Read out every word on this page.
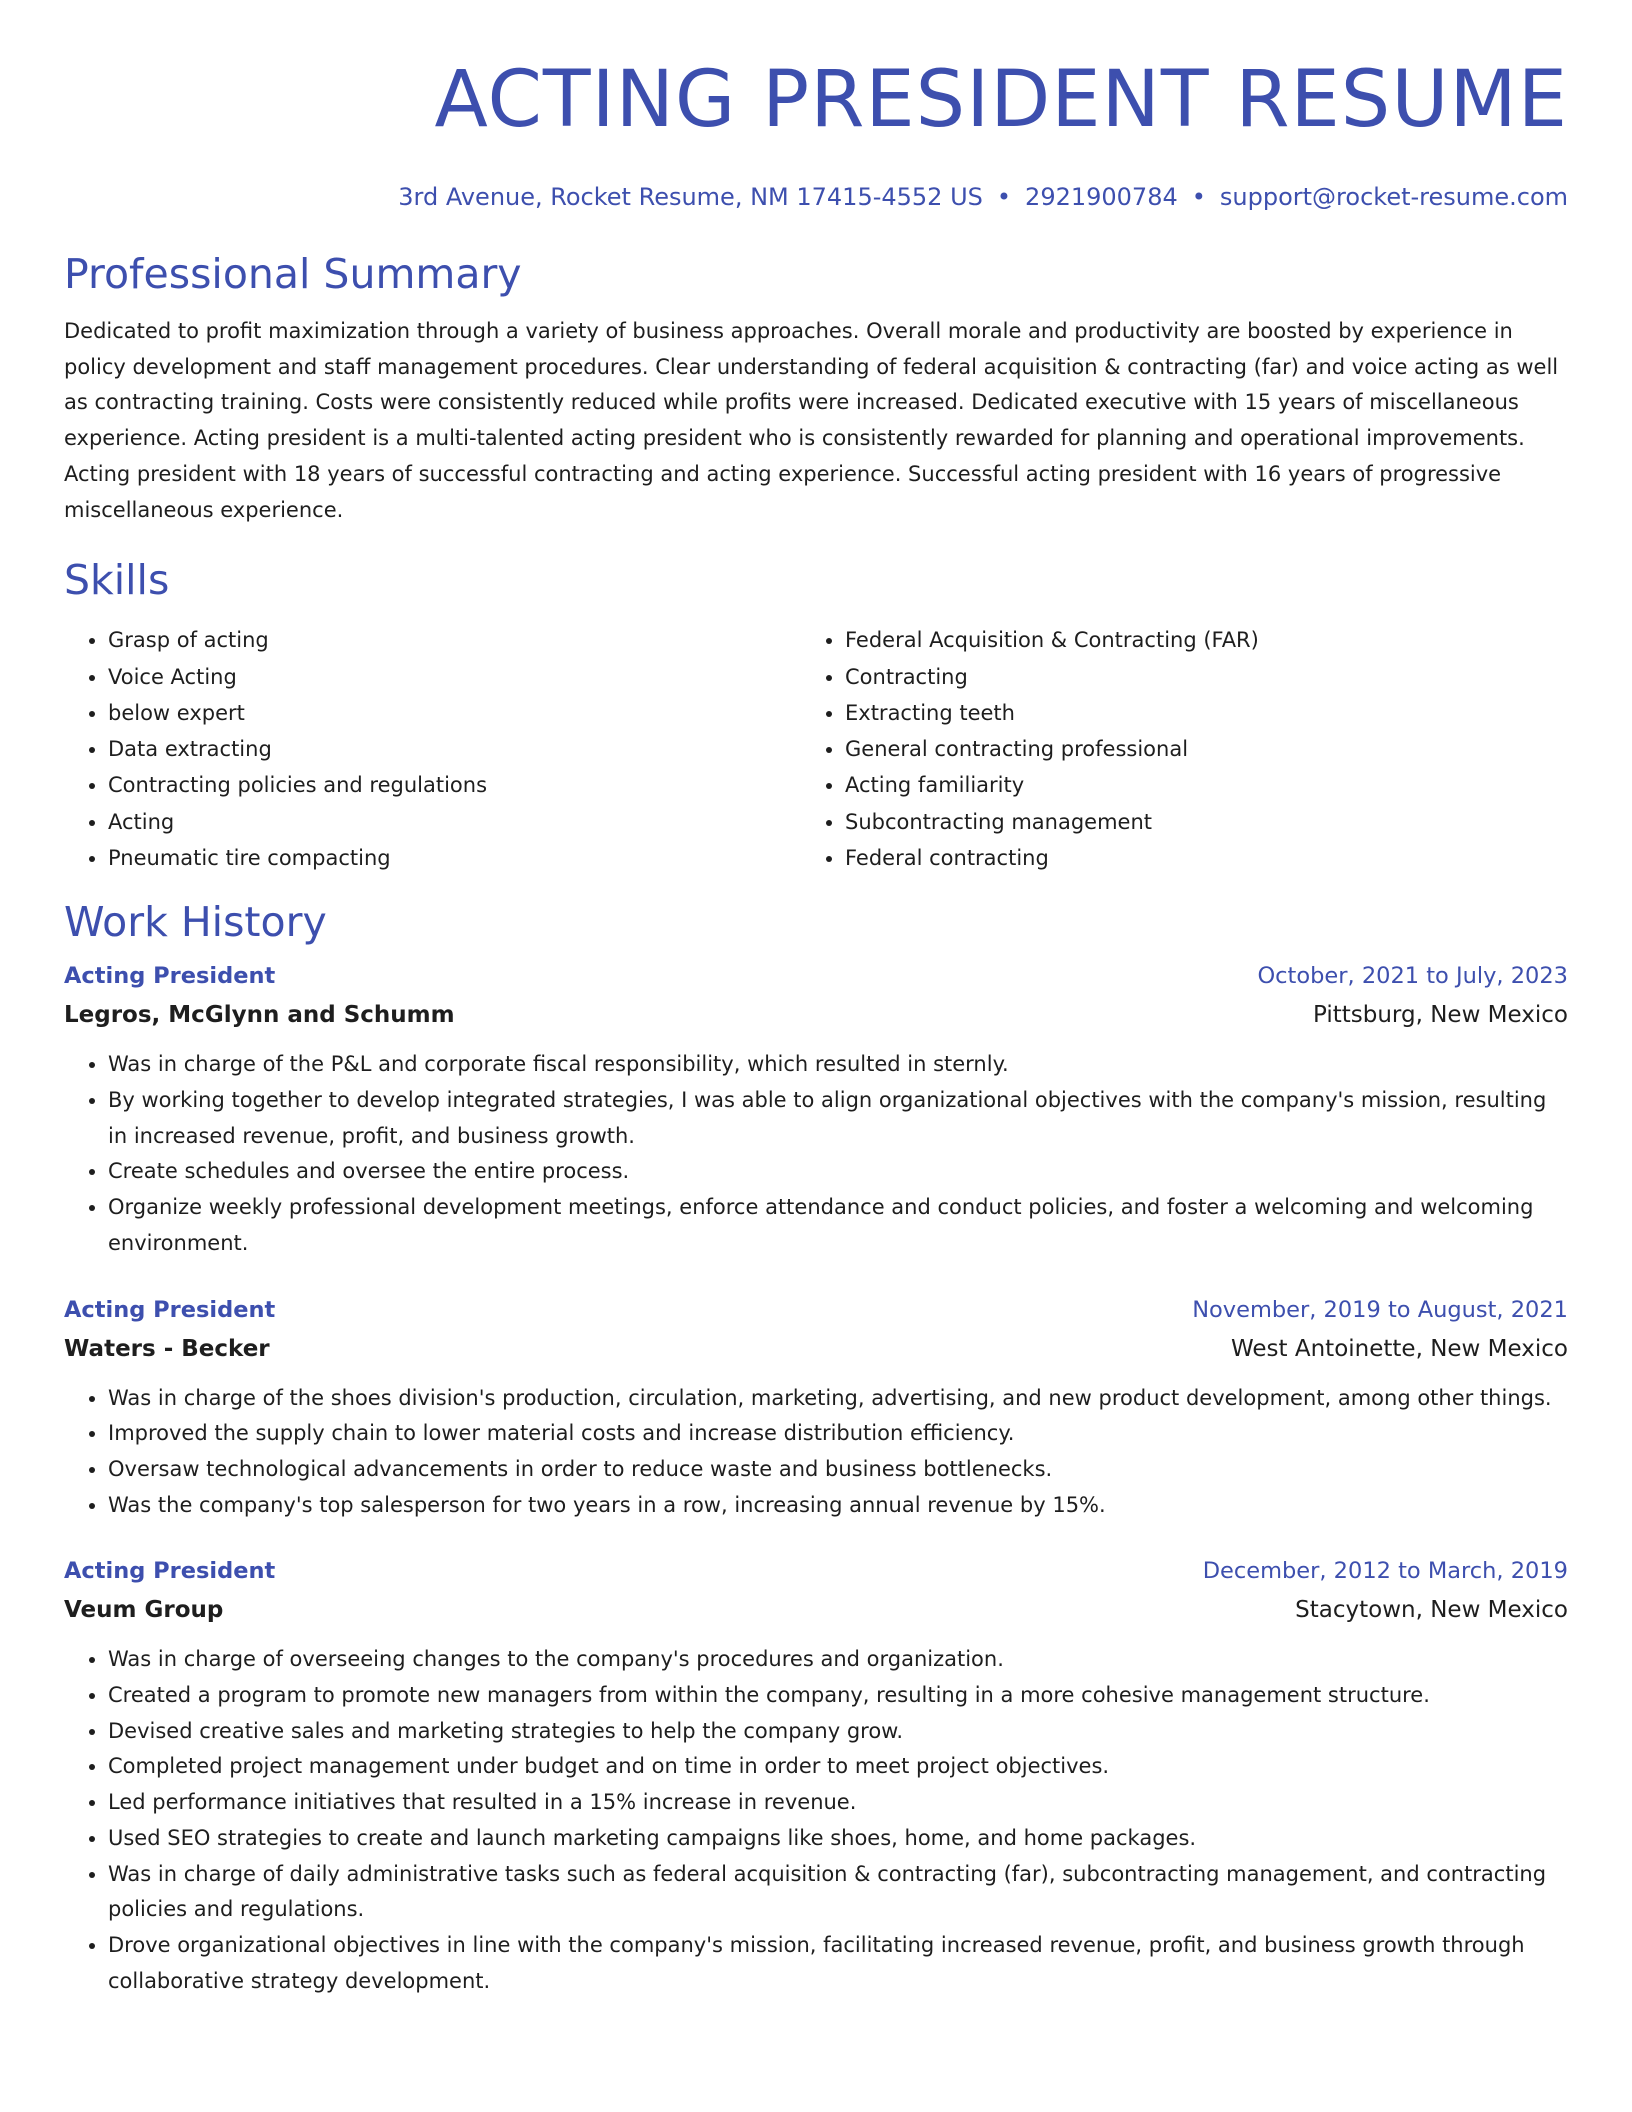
ACTING PRESIDENT RESUME
3rd Avenue, Rocket Resume, NM 17415-4552 US • 2921900784 • support@rocket-resume.com
Professional Summary
Dedicated to profit maximization through a variety of business approaches. Overall morale and productivity are boosted by experience in policy development and staff management procedures. Clear understanding of federal acquisition & contracting (far) and voice acting as well as contracting training. Costs were consistently reduced while profits were increased. Dedicated executive with 15 years of miscellaneous experience. Acting president is a multi-talented acting president who is consistently rewarded for planning and operational improvements. Acting president with 18 years of successful contracting and acting experience. Successful acting president with 16 years of progressive miscellaneous experience.
Skills
• Grasp of acting
• Voice Acting
• below expert
• Data extracting
• Contracting policies and regulations
• Acting
• Pneumatic tire compacting
• Federal Acquisition & Contracting (FAR)
• Contracting
• Extracting teeth
• General contracting professional
• Acting familiarity
• Subcontracting management
• Federal contracting
Work History
Acting President	October, 2021 to July, 2023
Legros, McGlynn and Schumm	Pittsburg, New Mexico
• Was in charge of the P&L and corporate fiscal responsibility, which resulted in sternly.
• By working together to develop integrated strategies, I was able to align organizational objectives with the company's mission, resulting in increased revenue, profit, and business growth.
• Create schedules and oversee the entire process.
• Organize weekly professional development meetings, enforce attendance and conduct policies, and foster a welcoming and welcoming environment.
Acting President	November, 2019 to August, 2021
Waters - Becker	West Antoinette, New Mexico
• Was in charge of the shoes division's production, circulation, marketing, advertising, and new product development, among other things.
• Improved the supply chain to lower material costs and increase distribution efficiency.
• Oversaw technological advancements in order to reduce waste and business bottlenecks.
• Was the company's top salesperson for two years in a row, increasing annual revenue by 15%.
Acting President	December, 2012 to March, 2019
Veum Group	Stacytown, New Mexico
• Was in charge of overseeing changes to the company's procedures and organization.
• Created a program to promote new managers from within the company, resulting in a more cohesive management structure.
• Devised creative sales and marketing strategies to help the company grow.
• Completed project management under budget and on time in order to meet project objectives.
• Led performance initiatives that resulted in a 15% increase in revenue.
• Used SEO strategies to create and launch marketing campaigns like shoes, home, and home packages.
• Was in charge of daily administrative tasks such as federal acquisition & contracting (far), subcontracting management, and contracting policies and regulations.
• Drove organizational objectives in line with the company's mission, facilitating increased revenue, profit, and business growth through collaborative strategy development.
